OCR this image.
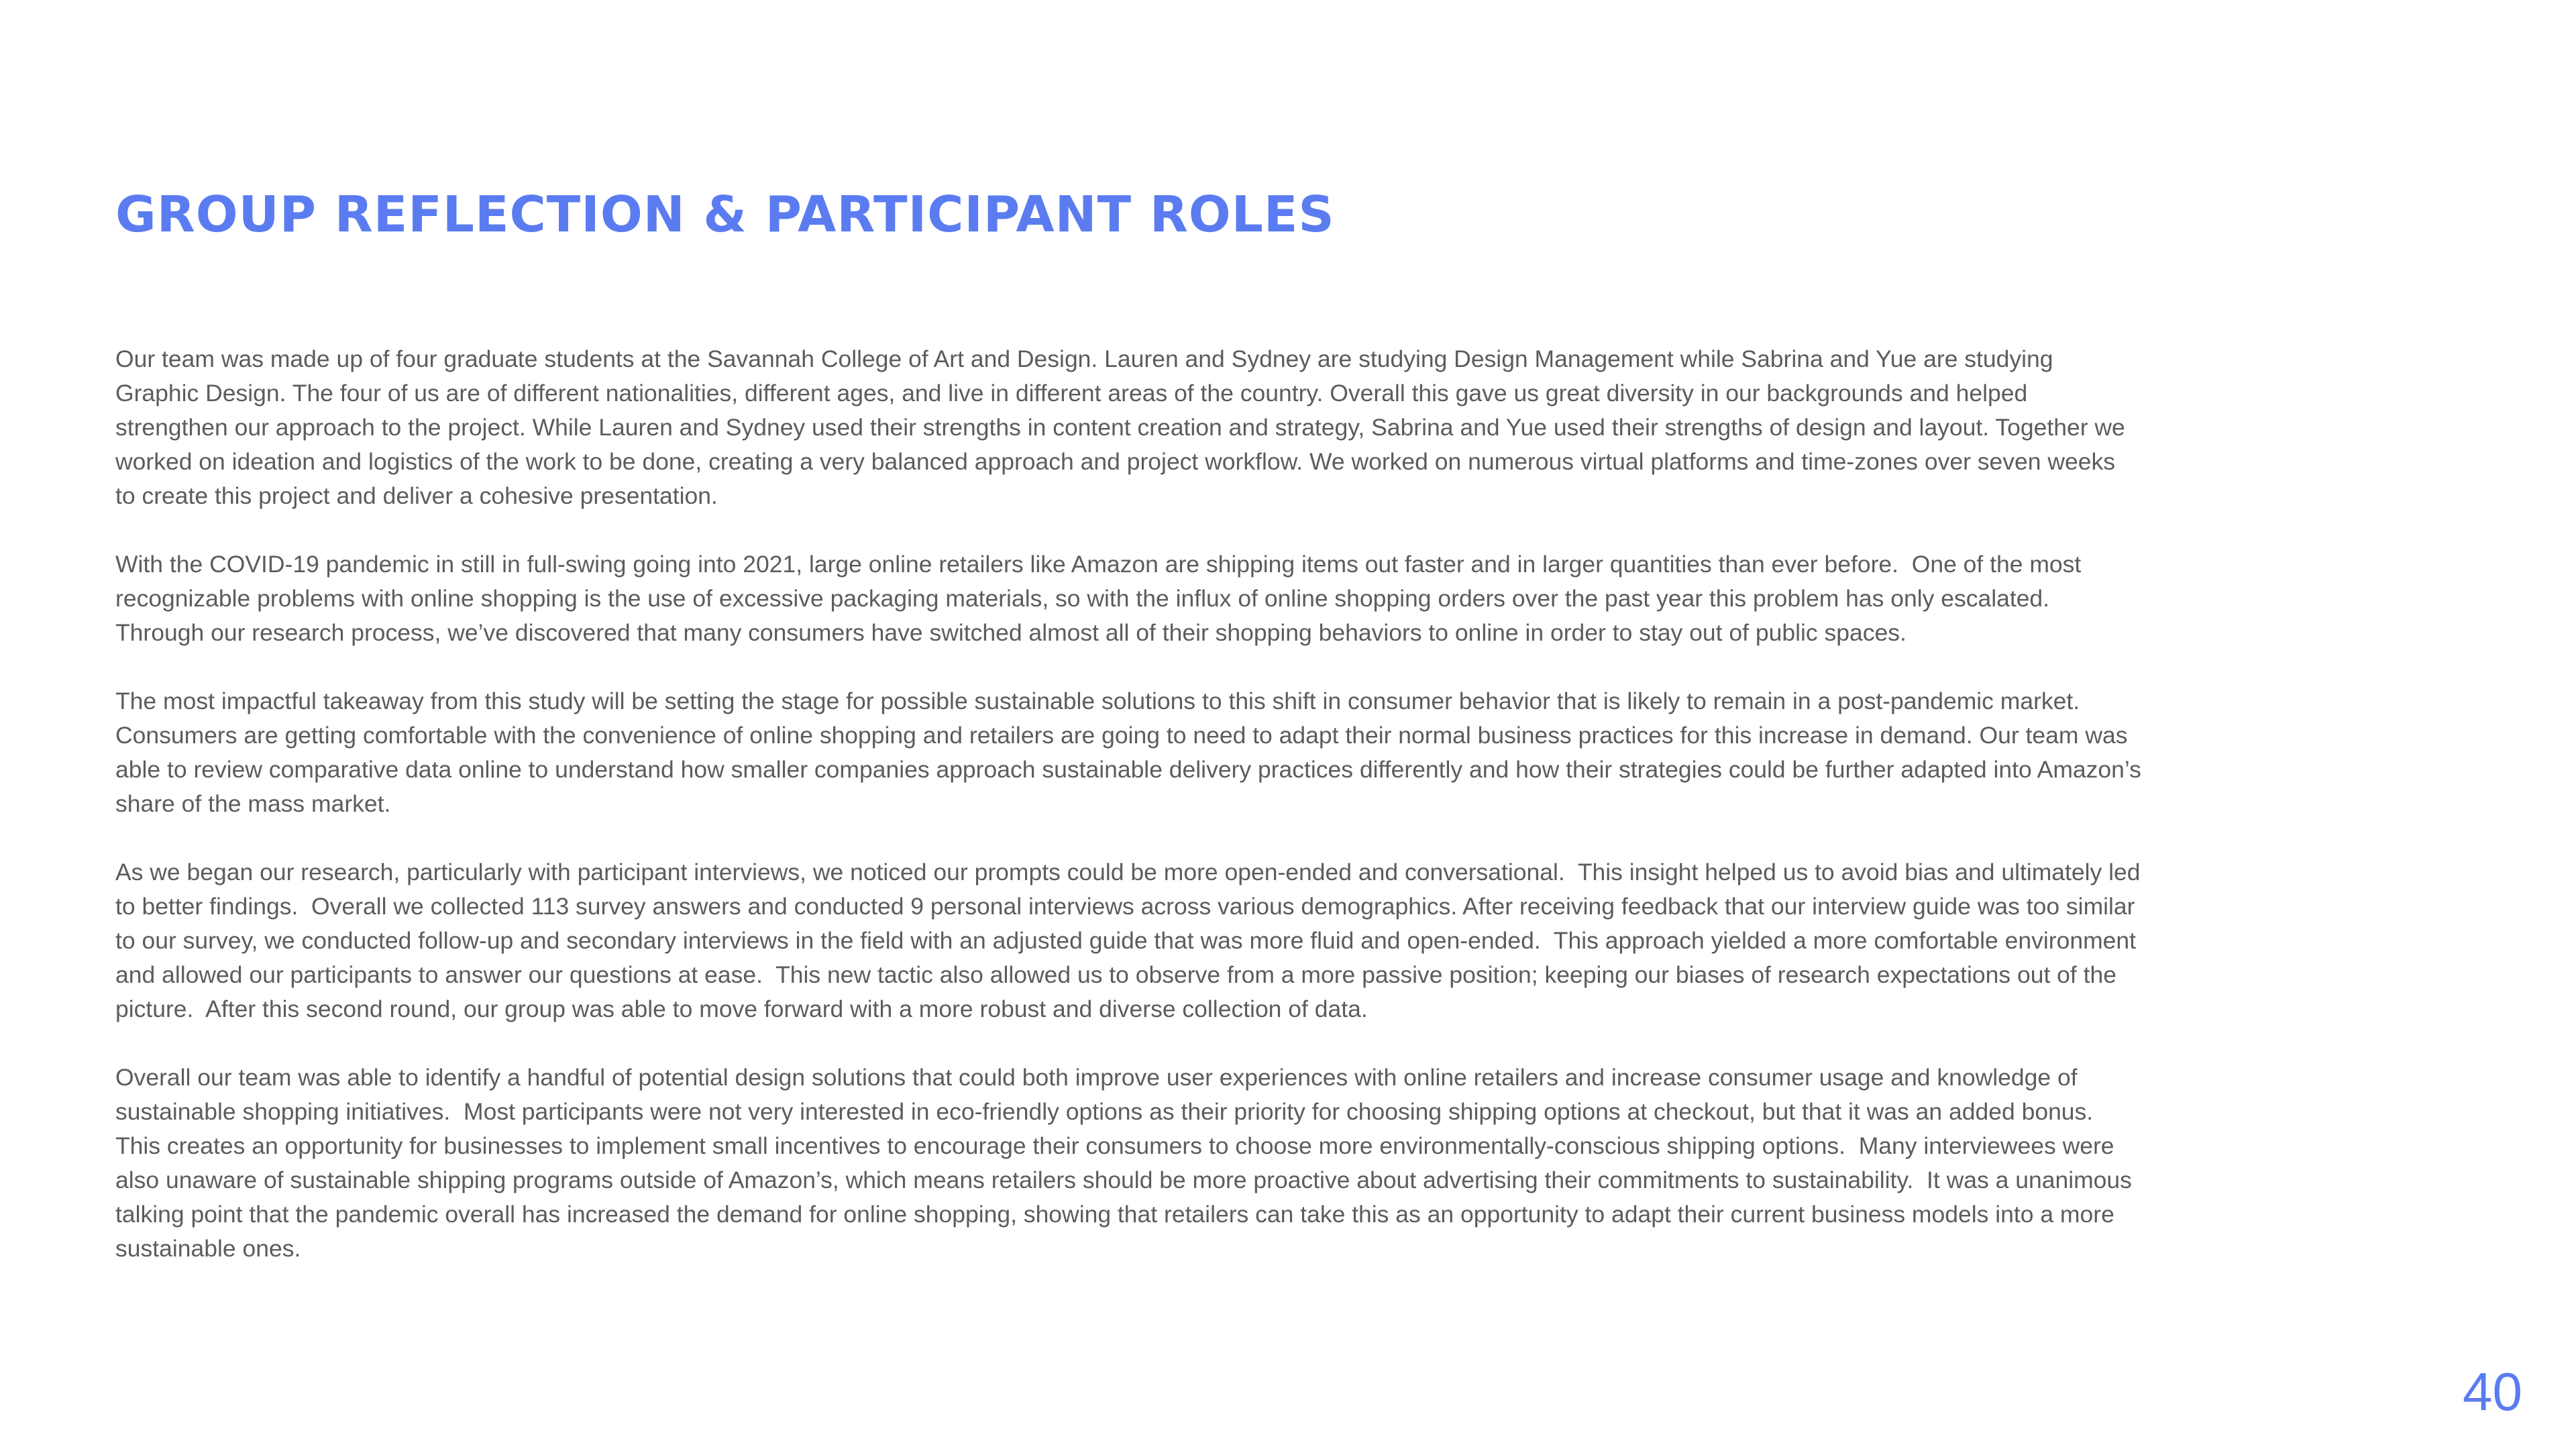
GROUP REFLECTION & PARTICIPANT ROLES

Our team was made up of four graduate students at the Savannah College of Art and Design. Lauren and Sydney are studying Design Management while Sabrina and Yue are studying Graphic Design. The four of us are of different nationalities, different ages, and live in different areas of the country. Overall this gave us great diversity in our backgrounds and helped strengthen our approach to the project. While Lauren and Sydney used their strengths in content creation and strategy, Sabrina and Yue used their strengths of design and layout. Together we worked on ideation and logistics of the work to be done, creating a very balanced approach and project workflow. We worked on numerous virtual platforms and time-zones over seven weeks to create this project and deliver a cohesive presentation.

With the COVID-19 pandemic in still in full-swing going into 2021, large online retailers like Amazon are shipping items out faster and in larger quantities than ever before.  One of the most recognizable problems with online shopping is the use of excessive packaging materials, so with the influx of online shopping orders over the past year this problem has only escalated. Through our research process, we’ve discovered that many consumers have switched almost all of their shopping behaviors to online in order to stay out of public spaces.

The most impactful takeaway from this study will be setting the stage for possible sustainable solutions to this shift in consumer behavior that is likely to remain in a post-pandemic market.  Consumers are getting comfortable with the convenience of online shopping and retailers are going to need to adapt their normal business practices for this increase in demand. Our team was able to review comparative data online to understand how smaller companies approach sustainable delivery practices differently and how their strategies could be further adapted into Amazon’s share of the mass market.

As we began our research, particularly with participant interviews, we noticed our prompts could be more open-ended and conversational.  This insight helped us to avoid bias and ultimately led to better findings.  Overall we collected 113 survey answers and conducted 9 personal interviews across various demographics. After receiving feedback that our interview guide was too similar to our survey, we conducted follow-up and secondary interviews in the field with an adjusted guide that was more fluid and open-ended.  This approach yielded a more comfortable environment and allowed our participants to answer our questions at ease.  This new tactic also allowed us to observe from a more passive position; keeping our biases of research expectations out of the picture.  After this second round, our group was able to move forward with a more robust and diverse collection of data.

Overall our team was able to identify a handful of potential design solutions that could both improve user experiences with online retailers and increase consumer usage and knowledge of sustainable shopping initiatives.  Most participants were not very interested in eco-friendly options as their priority for choosing shipping options at checkout, but that it was an added bonus.  This creates an opportunity for businesses to implement small incentives to encourage their consumers to choose more environmentally-conscious shipping options.  Many interviewees were also unaware of sustainable shipping programs outside of Amazon’s, which means retailers should be more proactive about advertising their commitments to sustainability.  It was a unanimous talking point that the pandemic overall has increased the demand for online shopping, showing that retailers can take this as an opportunity to adapt their current business models into a more sustainable ones.

40
